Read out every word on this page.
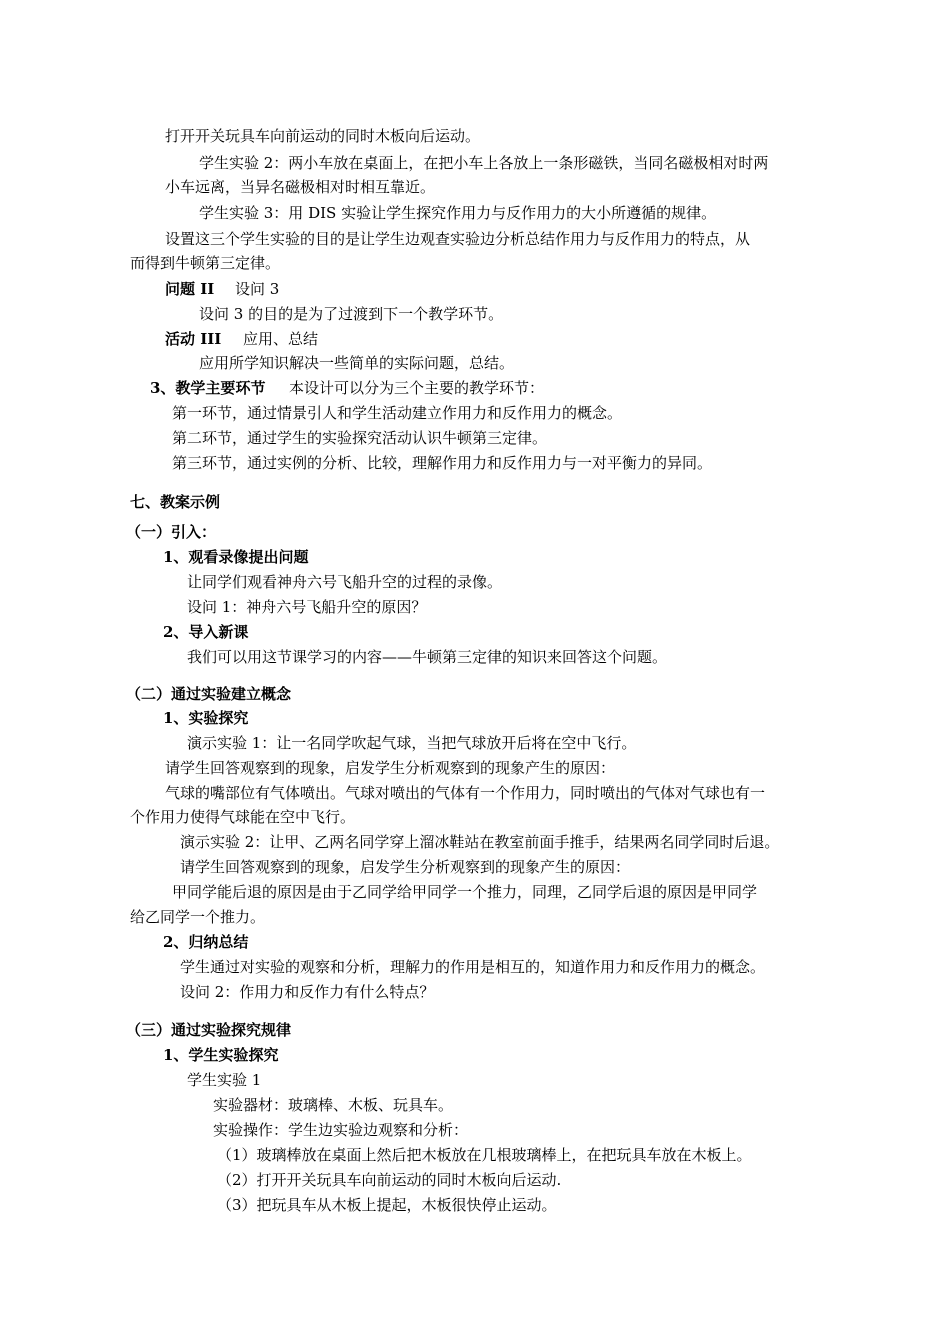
打开开关玩具车向前运动的同时木板向后运动。
学生实验 2：两小车放在桌面上，在把小车上各放上一条形磁铁，当同名磁极相对时两
小车远离，当异名磁极相对时相互靠近。
学生实验 3：用 DIS 实验让学生探究作用力与反作用力的大小所遵循的规律。
设置这三个学生实验的目的是让学生边观查实验边分析总结作用力与反作用力的特点，从
而得到牛顿第三定律。
问题 II 设问 3
设问 3 的目的是为了过渡到下一个教学环节。
活动 III 应用、总结
应用所学知识解决一些简单的实际问题，总结。
3、教学主要环节 本设计可以分为三个主要的教学环节：
第一环节，通过情景引人和学生活动建立作用力和反作用力的概念。
第二环节，通过学生的实验探究活动认识牛顿第三定律。
第三环节，通过实例的分析、比较，理解作用力和反作用力与一对平衡力的异同。
七、教案示例
（一）引入：
1、观看录像提出问题
让同学们观看神舟六号飞船升空的过程的录像。
设问 1：神舟六号飞船升空的原因？
2、导入新课
我们可以用这节课学习的内容——牛顿第三定律的知识来回答这个问题。
（二）通过实验建立概念
1、实验探究
演示实验 1：让一名同学吹起气球，当把气球放开后将在空中飞行。
请学生回答观察到的现象，启发学生分析观察到的现象产生的原因：
气球的嘴部位有气体喷出。气球对喷出的气体有一个作用力，同时喷出的气体对气球也有一
个作用力使得气球能在空中飞行。
演示实验 2：让甲、乙两名同学穿上溜冰鞋站在教室前面手推手，结果两名同学同时后退。
请学生回答观察到的现象，启发学生分析观察到的现象产生的原因：
甲同学能后退的原因是由于乙同学给甲同学一个推力，同理，乙同学后退的原因是甲同学
给乙同学一个推力。
2、归纳总结
学生通过对实验的观察和分析，理解力的作用是相互的，知道作用力和反作用力的概念。
设问 2：作用力和反作力有什么特点？
（三）通过实验探究规律
1、学生实验探究
学生实验 1
实验器材：玻璃棒、木板、玩具车。
实验操作：学生边实验边观察和分析：
（1）玻璃棒放在桌面上然后把木板放在几根玻璃棒上，在把玩具车放在木板上。
（2）打开开关玩具车向前运动的同时木板向后运动.
（3）把玩具车从木板上提起，木板很快停止运动。
